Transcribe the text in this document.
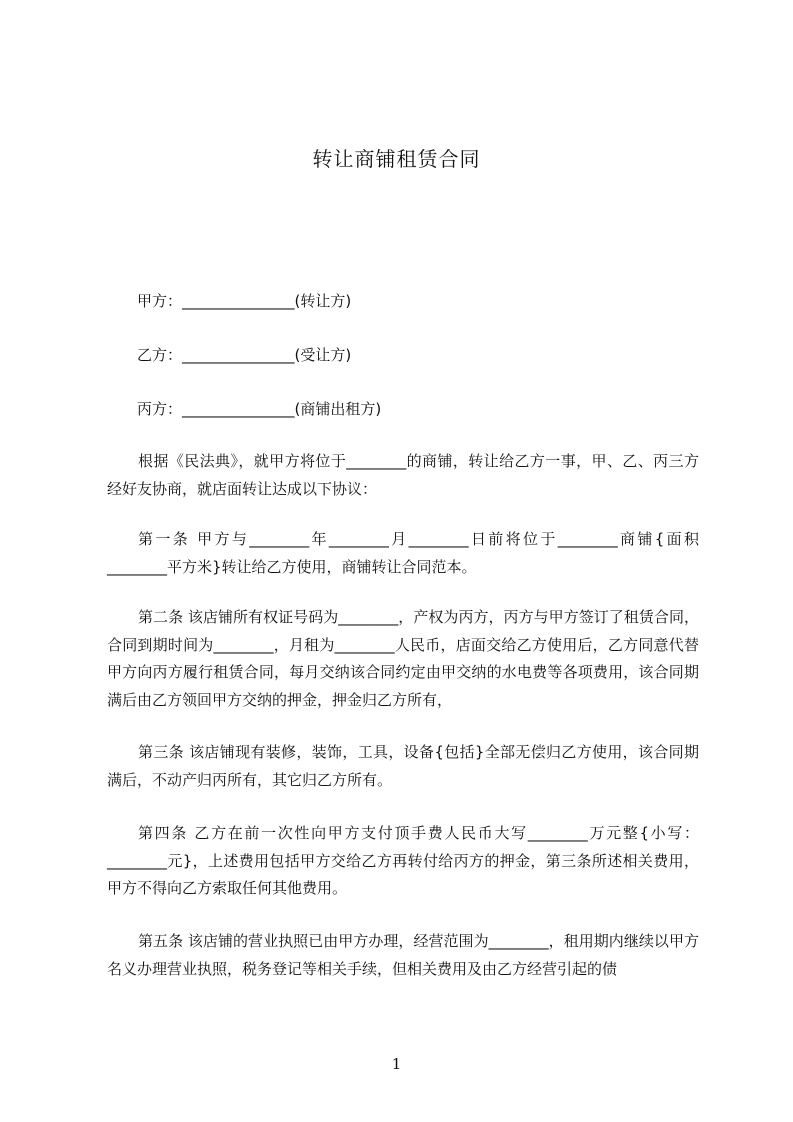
转让商铺租赁合同
甲方：_______________(转让方)
乙方：_______________(受让方)
丙方：_______________(商铺出租方)

根据《民法典》，就甲方将位于________的商铺，转让给乙方一事，甲、乙、丙三方经好友协商，就店面转让达成以下协议：

第一条 甲方与________年________月________日前将位于________商铺{面积________平方米}转让给乙方使用，商铺转让合同范本。

第二条 该店铺所有权证号码为________，产权为丙方，丙方与甲方签订了租赁合同，合同到期时间为________，月租为________人民币，店面交给乙方使用后，乙方同意代替甲方向丙方履行租赁合同，每月交纳该合同约定由甲交纳的水电费等各项费用，该合同期满后由乙方领回甲方交纳的押金，押金归乙方所有，

第三条 该店铺现有装修，装饰，工具，设备{包括}全部无偿归乙方使用，该合同期满后，不动产归丙所有，其它归乙方所有。

第四条 乙方在前一次性向甲方支付顶手费人民币大写________万元整{小写：________元}，上述费用包括甲方交给乙方再转付给丙方的押金，第三条所述相关费用，甲方不得向乙方索取任何其他费用。

第五条 该店铺的营业执照已由甲方办理，经营范围为________，租用期内继续以甲方名义办理营业执照，税务登记等相关手续，但相关费用及由乙方经营引起的债

1
